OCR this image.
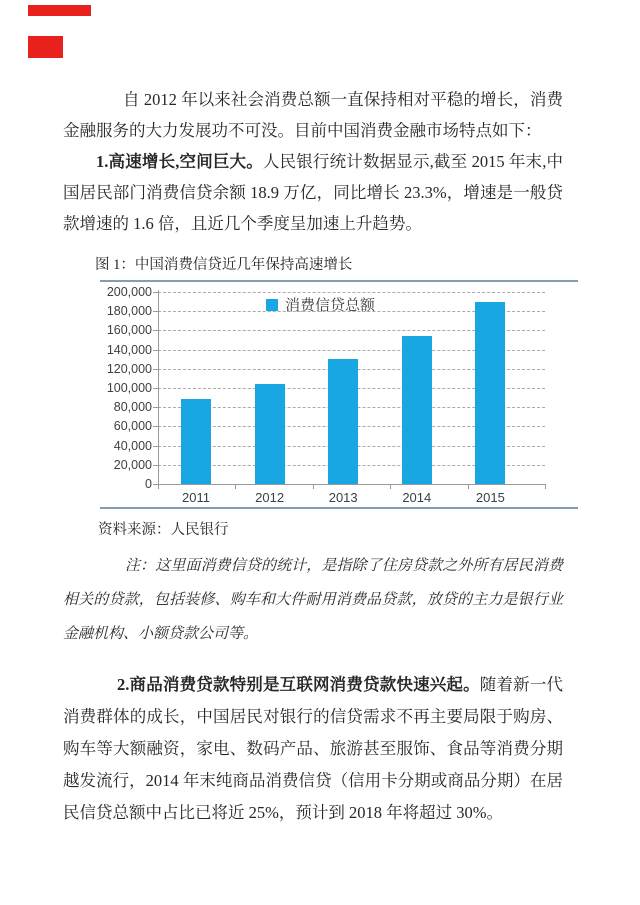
自 2012 年以来社会消费总额一直保持相对平稳的增长，消费金融服务的大力发展功不可没。目前中国消费金融市场特点如下：

1.高速增长,空间巨大。人民银行统计数据显示,截至 2015 年末,中国居民部门消费信贷余额 18.9 万亿，同比增长 23.3%，增速是一般贷款增速的 1.6 倍，且近几个季度呈加速上升趋势。

图 1：中国消费信贷近几年保持高速增长
消费信贷总额
200,000
180,000
160,000
140,000
120,000
100,000
80,000
60,000
40,000
20,000
0
2011	2012	2013	2014	2015
资料来源：人民银行

注：这里面消费信贷的统计，是指除了住房贷款之外所有居民消费相关的贷款，包括装修、购车和大件耐用消费品贷款，放贷的主力是银行业金融机构、小额贷款公司等。

2.商品消费贷款特别是互联网消费贷款快速兴起。随着新一代消费群体的成长，中国居民对银行的信贷需求不再主要局限于购房、购车等大额融资，家电、数码产品、旅游甚至服饰、食品等消费分期越发流行，2014 年末纯商品消费信贷（信用卡分期或商品分期）在居民信贷总额中占比已将近 25%，预计到 2018 年将超过 30%。
